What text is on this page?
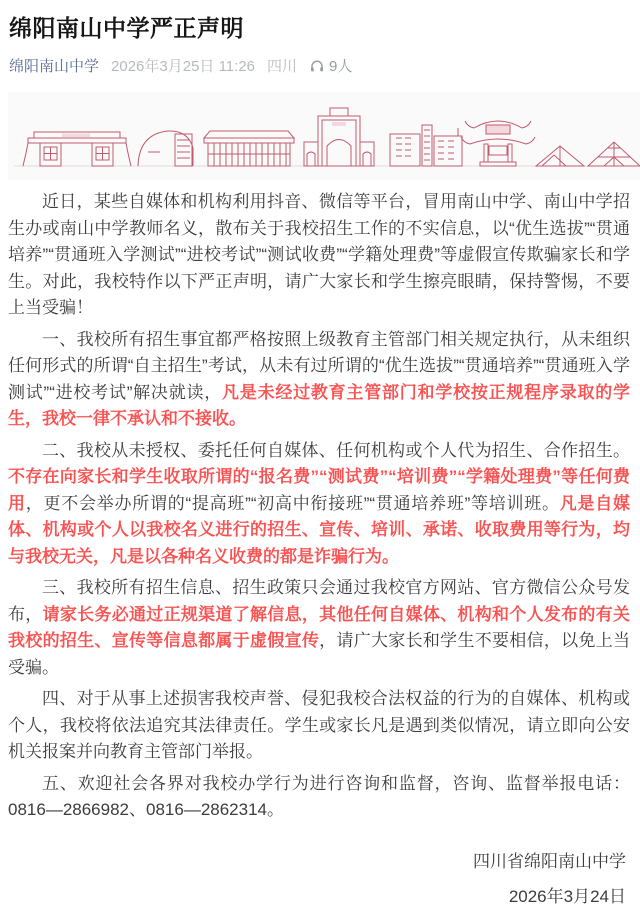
绵阳南山中学严正声明
绵阳南山中学 2026年3月25日 11:26 四川 9人

近日，某些自媒体和机构利用抖音、微信等平台，冒用南山中学、南山中学招生办或南山中学教师名义，散布关于我校招生工作的不实信息，以“优生选拔”“贯通培养”“贯通班入学测试”“进校考试”“测试收费”“学籍处理费”等虚假宣传欺骗家长和学生。对此，我校特作以下严正声明，请广大家长和学生擦亮眼睛，保持警惕，不要上当受骗！

一、我校所有招生事宜都严格按照上级教育主管部门相关规定执行，从未组织任何形式的所谓“自主招生”考试，从未有过所谓的“优生选拔”“贯通培养”“贯通班入学测试”“进校考试”解决就读，凡是未经过教育主管部门和学校按正规程序录取的学生，我校一律不承认和不接收。

二、我校从未授权、委托任何自媒体、任何机构或个人代为招生、合作招生。不存在向家长和学生收取所谓的“报名费”“测试费”“培训费”“学籍处理费”等任何费用，更不会举办所谓的“提高班”“初高中衔接班”“贯通培养班”等培训班。凡是自媒体、机构或个人以我校名义进行的招生、宣传、培训、承诺、收取费用等行为，均与我校无关，凡是以各种名义收费的都是诈骗行为。

三、我校所有招生信息、招生政策只会通过我校官方网站、官方微信公众号发布，请家长务必通过正规渠道了解信息，其他任何自媒体、机构和个人发布的有关我校的招生、宣传等信息都属于虚假宣传，请广大家长和学生不要相信，以免上当受骗。

四、对于从事上述损害我校声誉、侵犯我校合法权益的行为的自媒体、机构或个人，我校将依法追究其法律责任。学生或家长凡是遇到类似情况，请立即向公安机关报案并向教育主管部门举报。

五、欢迎社会各界对我校办学行为进行咨询和监督，咨询、监督举报电话：0816—2866982、0816—2862314。

四川省绵阳南山中学
2026年3月24日
